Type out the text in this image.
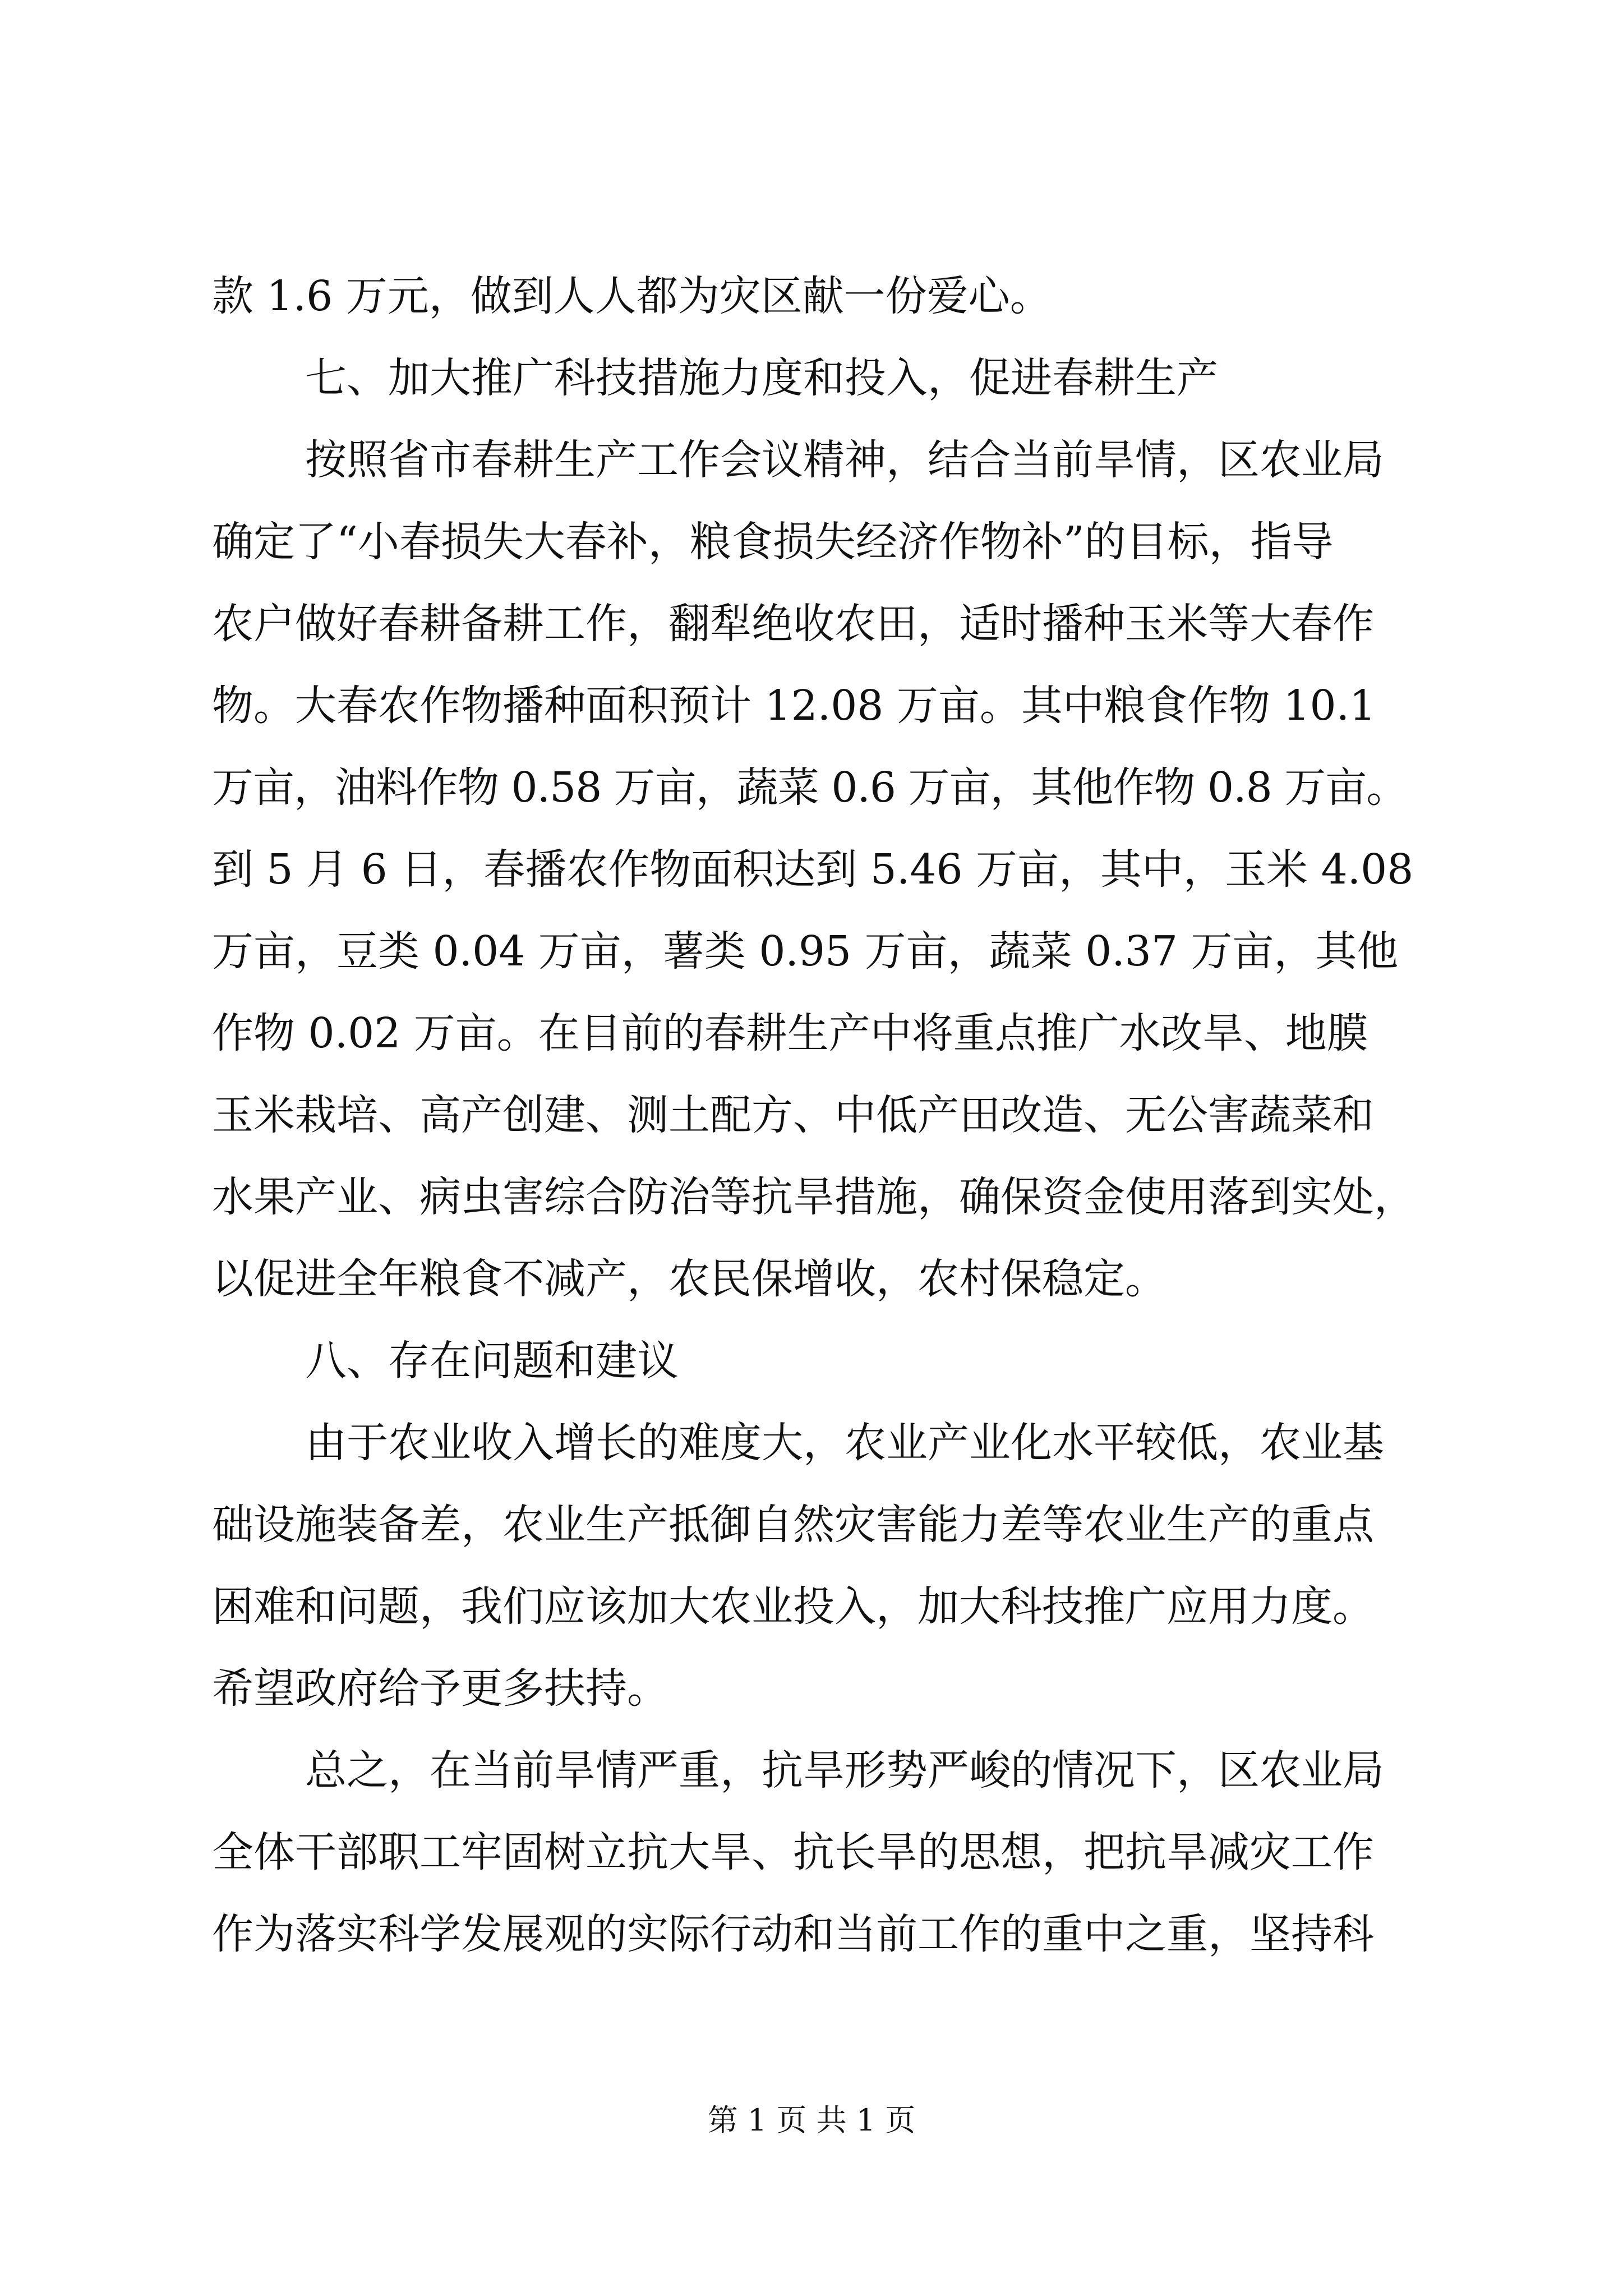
款 1.6 万元，做到人人都为灾区献一份爱心。
七、加大推广科技措施力度和投入，促进春耕生产
按照省市春耕生产工作会议精神，结合当前旱情，区农业局
确定了“小春损失大春补，粮食损失经济作物补”的目标，指导
农户做好春耕备耕工作，翻犁绝收农田，适时播种玉米等大春作
物。大春农作物播种面积预计 12.08 万亩。其中粮食作物 10.1
万亩，油料作物 0.58 万亩，蔬菜 0.6 万亩，其他作物 0.8 万亩。
到 5 月 6 日，春播农作物面积达到 5.46 万亩，其中，玉米 4.08
万亩，豆类 0.04 万亩，薯类 0.95 万亩，蔬菜 0.37 万亩，其他
作物 0.02 万亩。在目前的春耕生产中将重点推广水改旱、地膜
玉米栽培、高产创建、测土配方、中低产田改造、无公害蔬菜和
水果产业、病虫害综合防治等抗旱措施，确保资金使用落到实处，
以促进全年粮食不减产，农民保增收，农村保稳定。
八、存在问题和建议
由于农业收入增长的难度大，农业产业化水平较低，农业基
础设施装备差，农业生产抵御自然灾害能力差等农业生产的重点
困难和问题，我们应该加大农业投入，加大科技推广应用力度。
希望政府给予更多扶持。
总之，在当前旱情严重，抗旱形势严峻的情况下，区农业局
全体干部职工牢固树立抗大旱、抗长旱的思想，把抗旱减灾工作
作为落实科学发展观的实际行动和当前工作的重中之重，坚持科
第 1 页 共 1 页
